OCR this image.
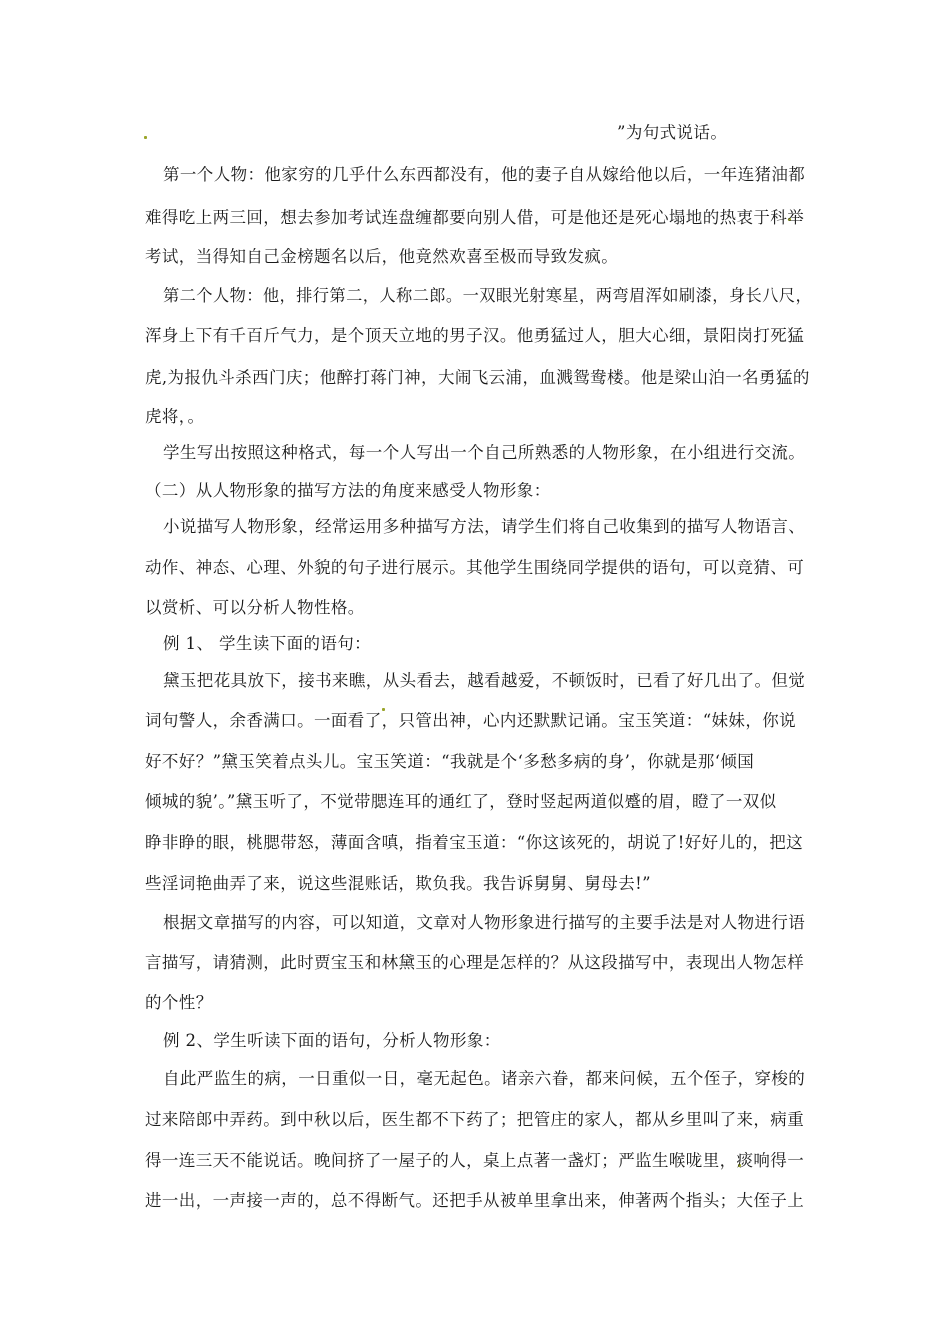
”为句式说话。
第一个人物：他家穷的几乎什么东西都没有，他的妻子自从嫁给他以后，一年连猪油都
难得吃上两三回，想去参加考试连盘缠都要向别人借，可是他还是死心塌地的热衷于科举
考试，当得知自己金榜题名以后，他竟然欢喜至极而导致发疯。
第二个人物：他，排行第二，人称二郎。一双眼光射寒星，两弯眉浑如刷漆，身长八尺，
浑身上下有千百斤气力，是个顶天立地的男子汉。他勇猛过人，胆大心细，景阳岗打死猛
虎,为报仇斗杀西门庆；他醉打蒋门神，大闹飞云浦，血溅鸳鸯楼。他是梁山泊一名勇猛的
虎将，。
学生写出按照这种格式，每一个人写出一个自己所熟悉的人物形象，在小组进行交流。
（二）从人物形象的描写方法的角度来感受人物形象：
小说描写人物形象，经常运用多种描写方法，请学生们将自己收集到的描写人物语言、
动作、神态、心理、外貌的句子进行展示。其他学生围绕同学提供的语句，可以竞猜、可
以赏析、可以分析人物性格。
例 1、 学生读下面的语句：
黛玉把花具放下，接书来瞧，从头看去，越看越爱，不顿饭时，已看了好几出了。但觉
词句警人，余香满口。一面看了，只管出神，心内还默默记诵。宝玉笑道：“妹妹，你说
好不好？”黛玉笑着点头儿。宝玉笑道：“我就是个‘多愁多病的身’，你就是那‘倾国
倾城的貌’。”黛玉听了，不觉带腮连耳的通红了，登时竖起两道似蹙的眉，瞪了一双似
睁非睁的眼，桃腮带怒，薄面含嗔，指着宝玉道：“你这该死的，胡说了!好好儿的，把这
些淫词艳曲弄了来，说这些混账话，欺负我。我告诉舅舅、舅母去!”
根据文章描写的内容，可以知道，文章对人物形象进行描写的主要手法是对人物进行语
言描写，请猜测，此时贾宝玉和林黛玉的心理是怎样的？从这段描写中，表现出人物怎样
的个性？
例 2、学生听读下面的语句，分析人物形象：
自此严监生的病，一日重似一日，毫无起色。诸亲六眷，都来问候，五个侄子，穿梭的
过来陪郎中弄药。到中秋以后，医生都不下药了；把管庄的家人，都从乡里叫了来，病重
得一连三天不能说话。晚间挤了一屋子的人，桌上点著一盏灯；严监生喉咙里，痰响得一
进一出，一声接一声的，总不得断气。还把手从被单里拿出来，伸著两个指头；大侄子上
